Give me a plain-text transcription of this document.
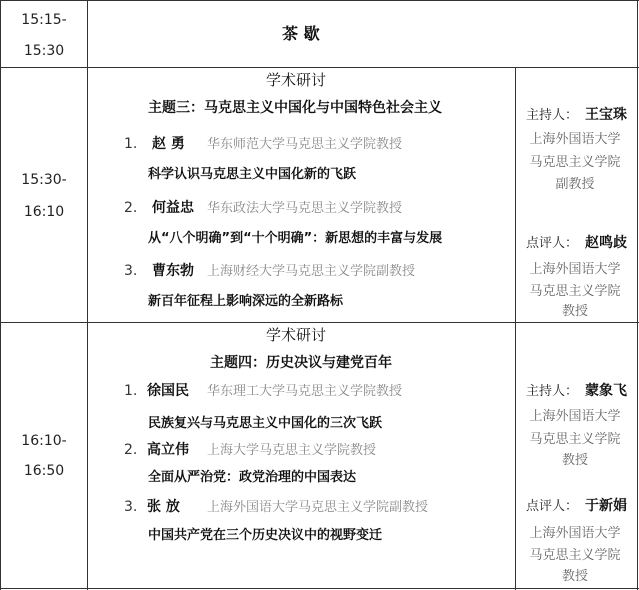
15:15-
15:30
茶 歇
15:30-
16:10
学术研讨
主题三：马克思主义中国化与中国特色社会主义
1. 赵 勇 华东师范大学马克思主义学院教授
科学认识马克思主义中国化新的飞跃
2. 何益忠 华东政法大学马克思主义学院教授
从“八个明确”到“十个明确”：新思想的丰富与发展
3. 曹东勃 上海财经大学马克思主义学院副教授
新百年征程上影响深远的全新路标
主持人： 王宝珠
上海外国语大学
马克思主义学院
副教授
点评人： 赵鸣歧
上海外国语大学
马克思主义学院
教授
16:10-
16:50
学术研讨
主题四：历史决议与建党百年
1. 徐国民 华东理工大学马克思主义学院教授
民族复兴与马克思主义中国化的三次飞跃
2. 高立伟 上海大学马克思主义学院教授
全面从严治党：政党治理的中国表达
3. 张 放 上海外国语大学马克思主义学院副教授
中国共产党在三个历史决议中的视野变迁
主持人： 蒙象飞
上海外国语大学
马克思主义学院
教授
点评人： 于新娟
上海外国语大学
马克思主义学院
教授
